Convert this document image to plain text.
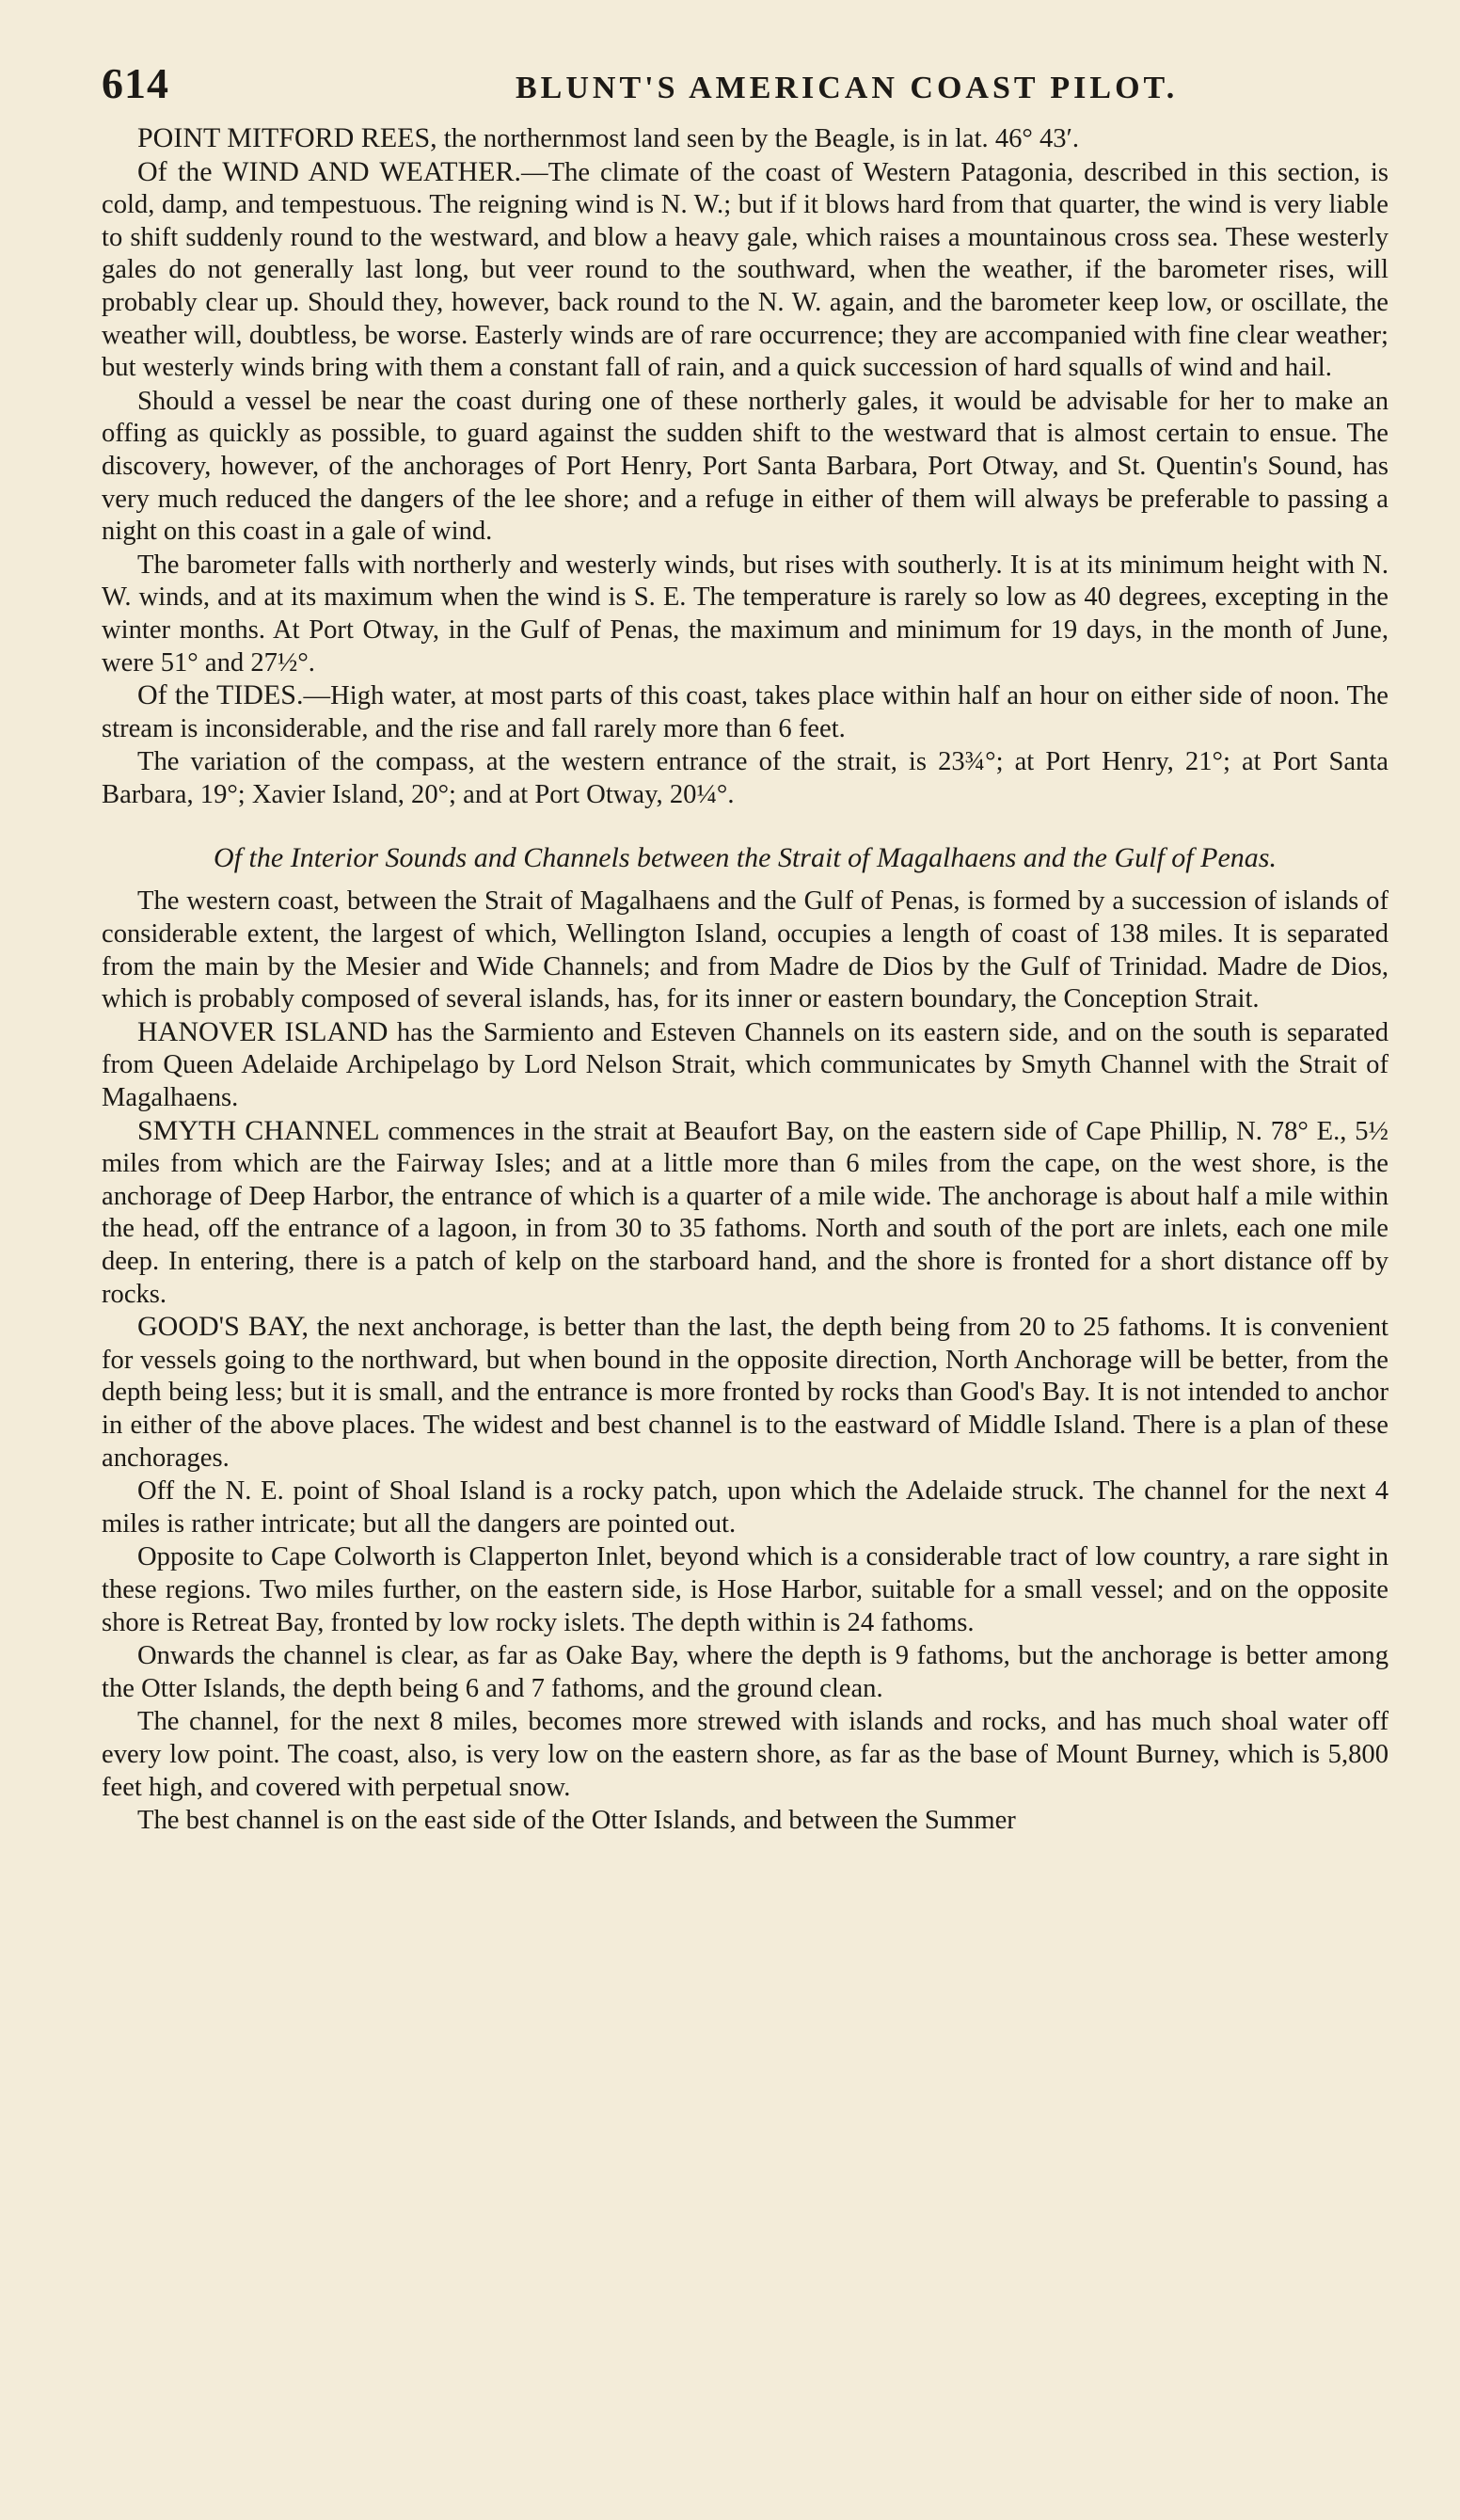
614	BLUNT'S AMERICAN COAST PILOT.

POINT MITFORD REES, the northernmost land seen by the Beagle, is in lat. 46° 43′.

Of the WIND AND WEATHER.—The climate of the coast of Western Patagonia, described in this section, is cold, damp, and tempestuous. The reigning wind is N. W.; but if it blows hard from that quarter, the wind is very liable to shift suddenly round to the westward, and blow a heavy gale, which raises a mountainous cross sea. These westerly gales do not generally last long, but veer round to the southward, when the weather, if the barometer rises, will probably clear up. Should they, however, back round to the N. W. again, and the barometer keep low, or oscillate, the weather will, doubtless, be worse. Easterly winds are of rare occurrence; they are accompanied with fine clear weather; but westerly winds bring with them a constant fall of rain, and a quick succession of hard squalls of wind and hail.

Should a vessel be near the coast during one of these northerly gales, it would be advisable for her to make an offing as quickly as possible, to guard against the sudden shift to the westward that is almost certain to ensue. The discovery, however, of the anchorages of Port Henry, Port Santa Barbara, Port Otway, and St. Quentin's Sound, has very much reduced the dangers of the lee shore; and a refuge in either of them will always be preferable to passing a night on this coast in a gale of wind.

The barometer falls with northerly and westerly winds, but rises with southerly. It is at its minimum height with N. W. winds, and at its maximum when the wind is S. E. The temperature is rarely so low as 40 degrees, excepting in the winter months. At Port Otway, in the Gulf of Penas, the maximum and minimum for 19 days, in the month of June, were 51° and 27½°.

Of the TIDES.—High water, at most parts of this coast, takes place within half an hour on either side of noon. The stream is inconsiderable, and the rise and fall rarely more than 6 feet.

The variation of the compass, at the western entrance of the strait, is 23¾°; at Port Henry, 21°; at Port Santa Barbara, 19°; Xavier Island, 20°; and at Port Otway, 20¼°.

Of the Interior Sounds and Channels between the Strait of Magalhaens and the Gulf of Penas.

The western coast, between the Strait of Magalhaens and the Gulf of Penas, is formed by a succession of islands of considerable extent, the largest of which, Wellington Island, occupies a length of coast of 138 miles. It is separated from the main by the Mesier and Wide Channels; and from Madre de Dios by the Gulf of Trinidad. Madre de Dios, which is probably composed of several islands, has, for its inner or eastern boundary, the Conception Strait.

HANOVER ISLAND has the Sarmiento and Esteven Channels on its eastern side, and on the south is separated from Queen Adelaide Archipelago by Lord Nelson Strait, which communicates by Smyth Channel with the Strait of Magalhaens.

SMYTH CHANNEL commences in the strait at Beaufort Bay, on the eastern side of Cape Phillip, N. 78° E., 5½ miles from which are the Fairway Isles; and at a little more than 6 miles from the cape, on the west shore, is the anchorage of Deep Harbor, the entrance of which is a quarter of a mile wide. The anchorage is about half a mile within the head, off the entrance of a lagoon, in from 30 to 35 fathoms. North and south of the port are inlets, each one mile deep. In entering, there is a patch of kelp on the starboard hand, and the shore is fronted for a short distance off by rocks.

GOOD'S BAY, the next anchorage, is better than the last, the depth being from 20 to 25 fathoms. It is convenient for vessels going to the northward, but when bound in the opposite direction, North Anchorage will be better, from the depth being less; but it is small, and the entrance is more fronted by rocks than Good's Bay. It is not intended to anchor in either of the above places. The widest and best channel is to the eastward of Middle Island. There is a plan of these anchorages.

Off the N. E. point of Shoal Island is a rocky patch, upon which the Adelaide struck. The channel for the next 4 miles is rather intricate; but all the dangers are pointed out.

Opposite to Cape Colworth is Clapperton Inlet, beyond which is a considerable tract of low country, a rare sight in these regions. Two miles further, on the eastern side, is Hose Harbor, suitable for a small vessel; and on the opposite shore is Retreat Bay, fronted by low rocky islets. The depth within is 24 fathoms.

Onwards the channel is clear, as far as Oake Bay, where the depth is 9 fathoms, but the anchorage is better among the Otter Islands, the depth being 6 and 7 fathoms, and the ground clean.

The channel, for the next 8 miles, becomes more strewed with islands and rocks, and has much shoal water off every low point. The coast, also, is very low on the eastern shore, as far as the base of Mount Burney, which is 5,800 feet high, and covered with perpetual snow.

The best channel is on the east side of the Otter Islands, and between the Summer
